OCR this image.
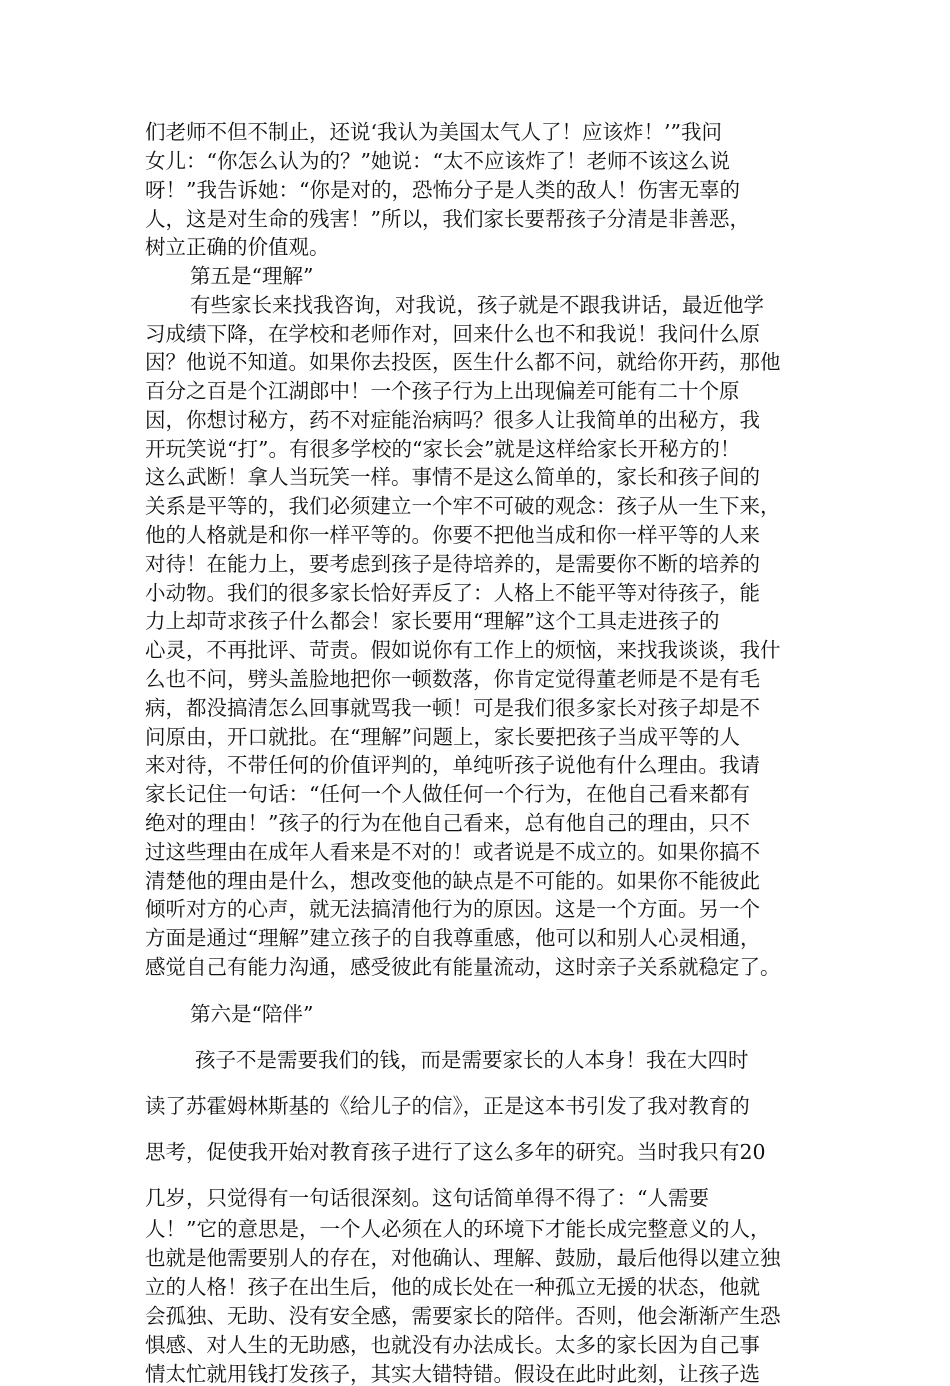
们老师不但不制止，还说‘我认为美国太气人了！应该炸！’”我问
女儿：“你怎么认为的？”她说：“太不应该炸了！老师不该这么说
呀！”我告诉她：“你是对的，恐怖分子是人类的敌人！伤害无辜的
人，这是对生命的残害！”所以，我们家长要帮孩子分清是非善恶，
树立正确的价值观。
第五是“理解”
有些家长来找我咨询，对我说，孩子就是不跟我讲话，最近他学
习成绩下降，在学校和老师作对，回来什么也不和我说！我问什么原
因？他说不知道。如果你去投医，医生什么都不问，就给你开药，那他
百分之百是个江湖郎中！一个孩子行为上出现偏差可能有二十个原
因，你想讨秘方，药不对症能治病吗？很多人让我简单的出秘方，我
开玩笑说“打”。有很多学校的“家长会”就是这样给家长开秘方的！
这么武断！拿人当玩笑一样。事情不是这么简单的，家长和孩子间的
关系是平等的，我们必须建立一个牢不可破的观念：孩子从一生下来，
他的人格就是和你一样平等的。你要不把他当成和你一样平等的人来
对待！在能力上，要考虑到孩子是待培养的，是需要你不断的培养的
小动物。我们的很多家长恰好弄反了：人格上不能平等对待孩子，能
力上却苛求孩子什么都会！家长要用“理解”这个工具走进孩子的
心灵，不再批评、苛责。假如说你有工作上的烦恼，来找我谈谈，我什
么也不问，劈头盖脸地把你一顿数落，你肯定觉得董老师是不是有毛
病，都没搞清怎么回事就骂我一顿！可是我们很多家长对孩子却是不
问原由，开口就批。在“理解”问题上，家长要把孩子当成平等的人
来对待，不带任何的价值评判的，单纯听孩子说他有什么理由。我请
家长记住一句话：“任何一个人做任何一个行为，在他自己看来都有
绝对的理由！”孩子的行为在他自己看来，总有他自己的理由，只不
过这些理由在成年人看来是不对的！或者说是不成立的。如果你搞不
清楚他的理由是什么，想改变他的缺点是不可能的。如果你不能彼此
倾听对方的心声，就无法搞清他行为的原因。这是一个方面。另一个
方面是通过“理解”建立孩子的自我尊重感，他可以和别人心灵相通，
感觉自己有能力沟通，感受彼此有能量流动，这时亲子关系就稳定了。
第六是“陪伴”
孩子不是需要我们的钱，而是需要家长的人本身！我在大四时
读了苏霍姆林斯基的《给儿子的信》，正是这本书引发了我对教育的
思考，促使我开始对教育孩子进行了这么多年的研究。当时我只有20
几岁，只觉得有一句话很深刻。这句话简单得不得了：“人需要
人！”它的意思是，一个人必须在人的环境下才能长成完整意义的人，
也就是他需要别人的存在，对他确认、理解、鼓励，最后他得以建立独
立的人格！孩子在出生后，他的成长处在一种孤立无援的状态，他就
会孤独、无助、没有安全感，需要家长的陪伴。否则，他会渐渐产生恐
惧感、对人生的无助感，也就没有办法成长。太多的家长因为自己事
情太忙就用钱打发孩子，其实大错特错。假设在此时此刻，让孩子选
